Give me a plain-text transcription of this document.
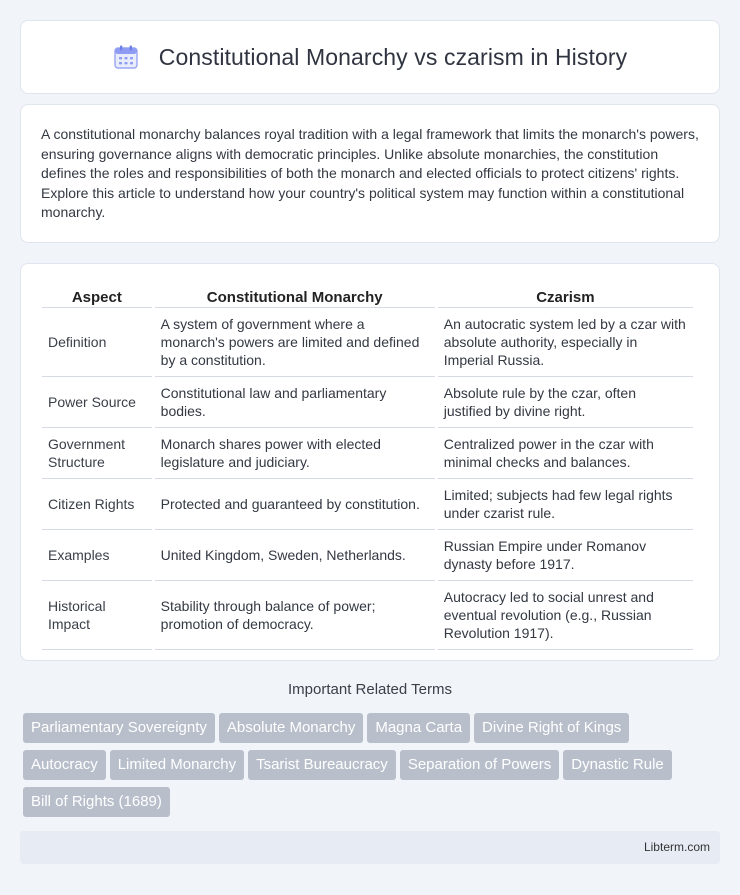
Constitutional Monarchy vs czarism in History

A constitutional monarchy balances royal tradition with a legal framework that limits the monarch's powers, ensuring governance aligns with democratic principles. Unlike absolute monarchies, the constitution defines the roles and responsibilities of both the monarch and elected officials to protect citizens' rights. Explore this article to understand how your country's political system may function within a constitutional monarchy.

Aspect	Constitutional Monarchy	Czarism
Definition	A system of government where a monarch's powers are limited and defined by a constitution.	An autocratic system led by a czar with absolute authority, especially in Imperial Russia.
Power Source	Constitutional law and parliamentary bodies.	Absolute rule by the czar, often justified by divine right.
Government Structure	Monarch shares power with elected legislature and judiciary.	Centralized power in the czar with minimal checks and balances.
Citizen Rights	Protected and guaranteed by constitution.	Limited; subjects had few legal rights under czarist rule.
Examples	United Kingdom, Sweden, Netherlands.	Russian Empire under Romanov dynasty before 1917.
Historical Impact	Stability through balance of power; promotion of democracy.	Autocracy led to social unrest and eventual revolution (e.g., Russian Revolution 1917).
Important Related Terms
Parliamentary Sovereignty Absolute Monarchy Magna Carta Divine Right of Kings
Autocracy Limited Monarchy Tsarist Bureaucracy Separation of Powers Dynastic Rule
Bill of Rights (1689)
Libterm.com
